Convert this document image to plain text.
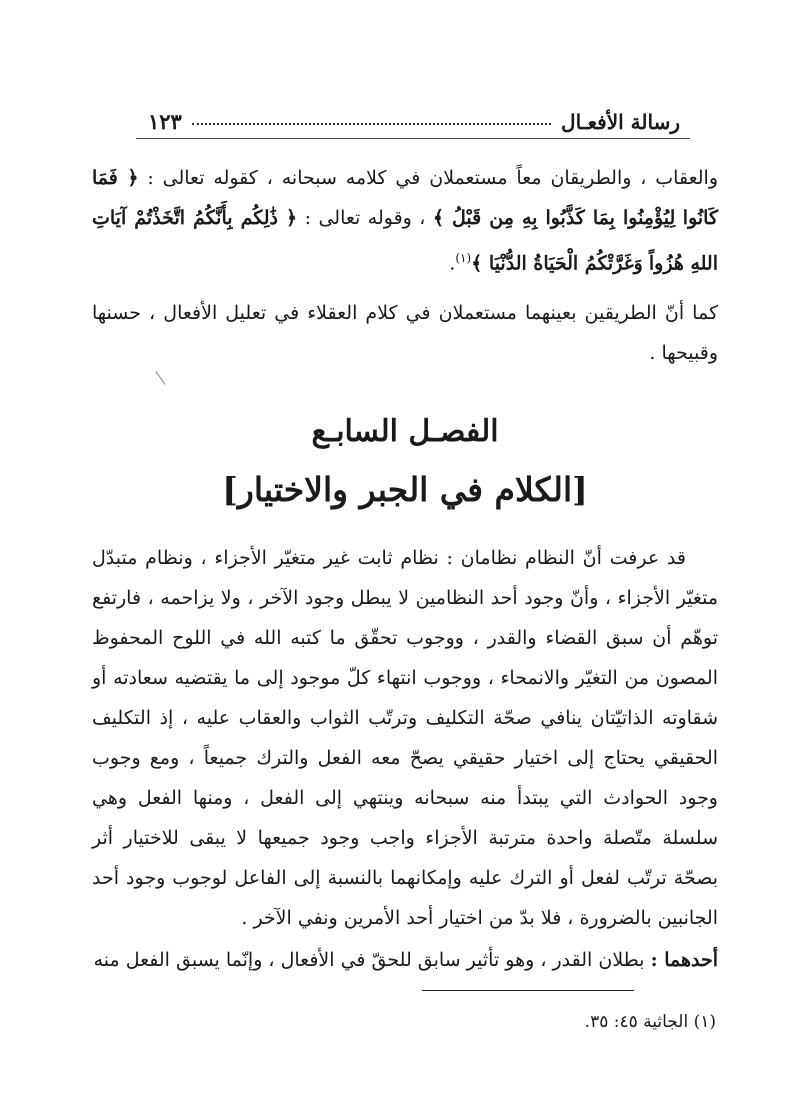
١٢٣	رسالة الأفعـال

والعقاب ، والطريقان معاً مستعملان في كلامه سبحانه ، كقوله تعالى : ﴿ فَمَا كَانُوا لِيُؤْمِنُوا بِمَا كَذَّبُوا بِهِ مِن قَبْلُ ﴾ ، وقوله تعالى : ﴿ ذَٰلِكُم بِأَنَّكُمُ اتَّخَذْتُمْ آيَاتِ اللهِ هُزُواً وَغَرَّتْكُمُ الْحَيَاةُ الدُّنْيَا ﴾$^{(١)}$.

كما أنّ الطريقين بعينهما مستعملان في كلام العقلاء في تعليل الأفعال ، حسنها وقبيحها .

الفصـل السابـع
[الكلام في الجبر والاختيار]

قد عرفت أنّ النظام نظامان : نظام ثابت غير متغيّر الأجزاء ، ونظام متبدّل متغيّر الأجزاء ، وأنّ وجود أحد النظامين لا يبطل وجود الآخر ، ولا يزاحمه ، فارتفع توهّم أن سبق القضاء والقدر ، ووجوب تحقّق ما كتبه الله في اللوح المحفوظ المصون من التغيّر والانمحاء ، ووجوب انتهاء كلّ موجود إلى ما يقتضيه سعادته أو شقاوته الذاتيّتان ينافي صحّة التكليف وترتّب الثواب والعقاب عليه ، إذ التكليف الحقيقي يحتاج إلى اختيار حقيقي يصحّ معه الفعل والترك جميعاً ، ومع وجوب وجود الحوادث التي يبتدأ منه سبحانه وينتهي إلى الفعل ، ومنها الفعل وهي سلسلة متّصلة واحدة مترتبة الأجزاء واجب وجود جميعها لا يبقى للاختيار أثر بصحّة ترتّب لفعل أو الترك عليه وإمكانهما بالنسبة إلى الفاعل لوجوب وجود أحد الجانبين بالضرورة ، فلا بدّ من اختيار أحد الأمرين ونفي الآخر .

أحدهما : بطلان القدر ، وهو تأثير سابق للحقّ في الأفعال ، وإنّما يسبق الفعل منه

(١) الجاثية ٤٥: ٣٥.
